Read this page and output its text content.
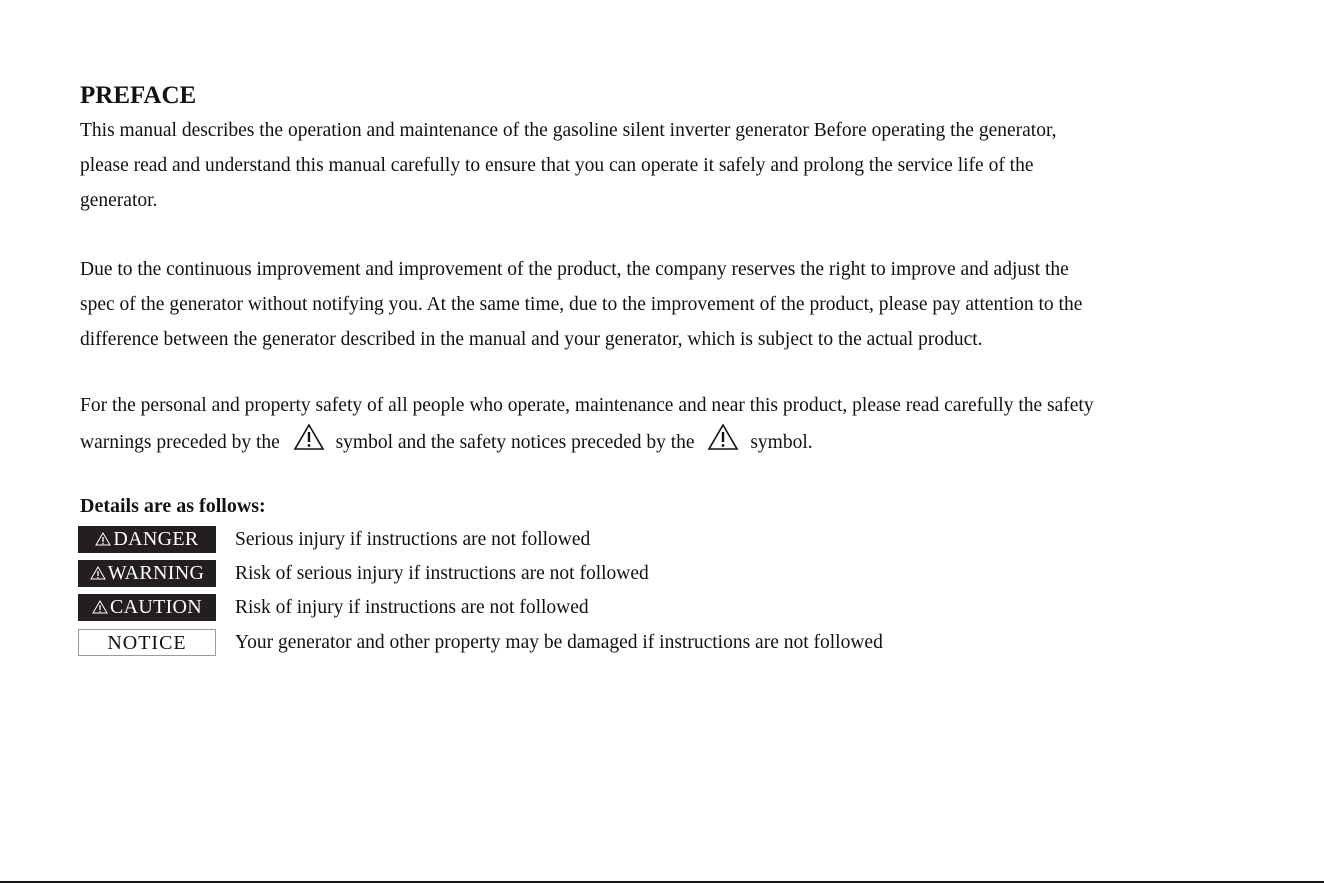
PREFACE

This manual describes the operation and maintenance of the gasoline silent inverter generator Before operating the generator,
please read and understand this manual carefully to ensure that you can operate it safely and prolong the service life of the
generator.

Due to the continuous improvement and improvement of the product, the company reserves the right to improve and adjust the
spec of the generator without notifying you. At the same time, due to the improvement of the product, please pay attention to the
difference between the generator described in the manual and your generator, which is subject to the actual product.

For the personal and property safety of all people who operate, maintenance and near this product, please read carefully the safety
warnings preceded by the	symbol and the safety notices preceded by the	symbol.

Details are as follows:
DANGER	Serious injury if instructions are not followed
WARNING	Risk of serious injury if instructions are not followed
CAUTION	Risk of injury if instructions are not followed
NOTICE	Your generator and other property may be damaged if instructions are not followed
